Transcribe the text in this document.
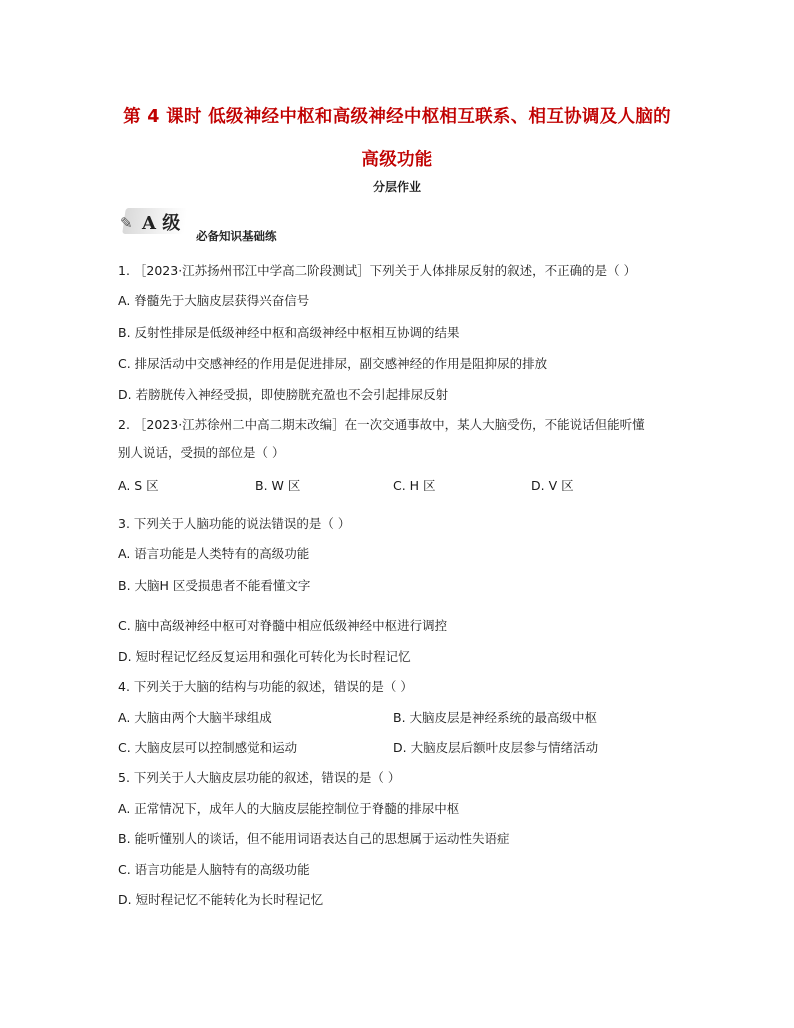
第 4 课时 低级神经中枢和高级神经中枢相互联系、相互协调及人脑的
高级功能
分层作业
✎ A 级
必备知识基础练
1. ［2023·江苏扬州邗江中学高二阶段测试］下列关于人体排尿反射的叙述，不正确的是（ ）
A. 脊髓先于大脑皮层获得兴奋信号
B. 反射性排尿是低级神经中枢和高级神经中枢相互协调的结果
C. 排尿活动中交感神经的作用是促进排尿，副交感神经的作用是阻抑尿的排放
D. 若膀胱传入神经受损，即使膀胱充盈也不会引起排尿反射
2. ［2023·江苏徐州二中高二期末改编］在一次交通事故中，某人大脑受伤，不能说话但能听懂
别人说话，受损的部位是（ ）
A. S 区	B. W 区	C. H 区	D. V 区
3. 下列关于人脑功能的说法错误的是（ ）
A. 语言功能是人类特有的高级功能
B. 大脑H 区受损患者不能看懂文字
C. 脑中高级神经中枢可对脊髓中相应低级神经中枢进行调控
D. 短时程记忆经反复运用和强化可转化为长时程记忆
4. 下列关于大脑的结构与功能的叙述，错误的是（ ）
A. 大脑由两个大脑半球组成	B. 大脑皮层是神经系统的最高级中枢
C. 大脑皮层可以控制感觉和运动	D. 大脑皮层后额叶皮层参与情绪活动
5. 下列关于人大脑皮层功能的叙述，错误的是（ ）
A. 正常情况下，成年人的大脑皮层能控制位于脊髓的排尿中枢
B. 能听懂别人的谈话，但不能用词语表达自己的思想属于运动性失语症
C. 语言功能是人脑特有的高级功能
D. 短时程记忆不能转化为长时程记忆
